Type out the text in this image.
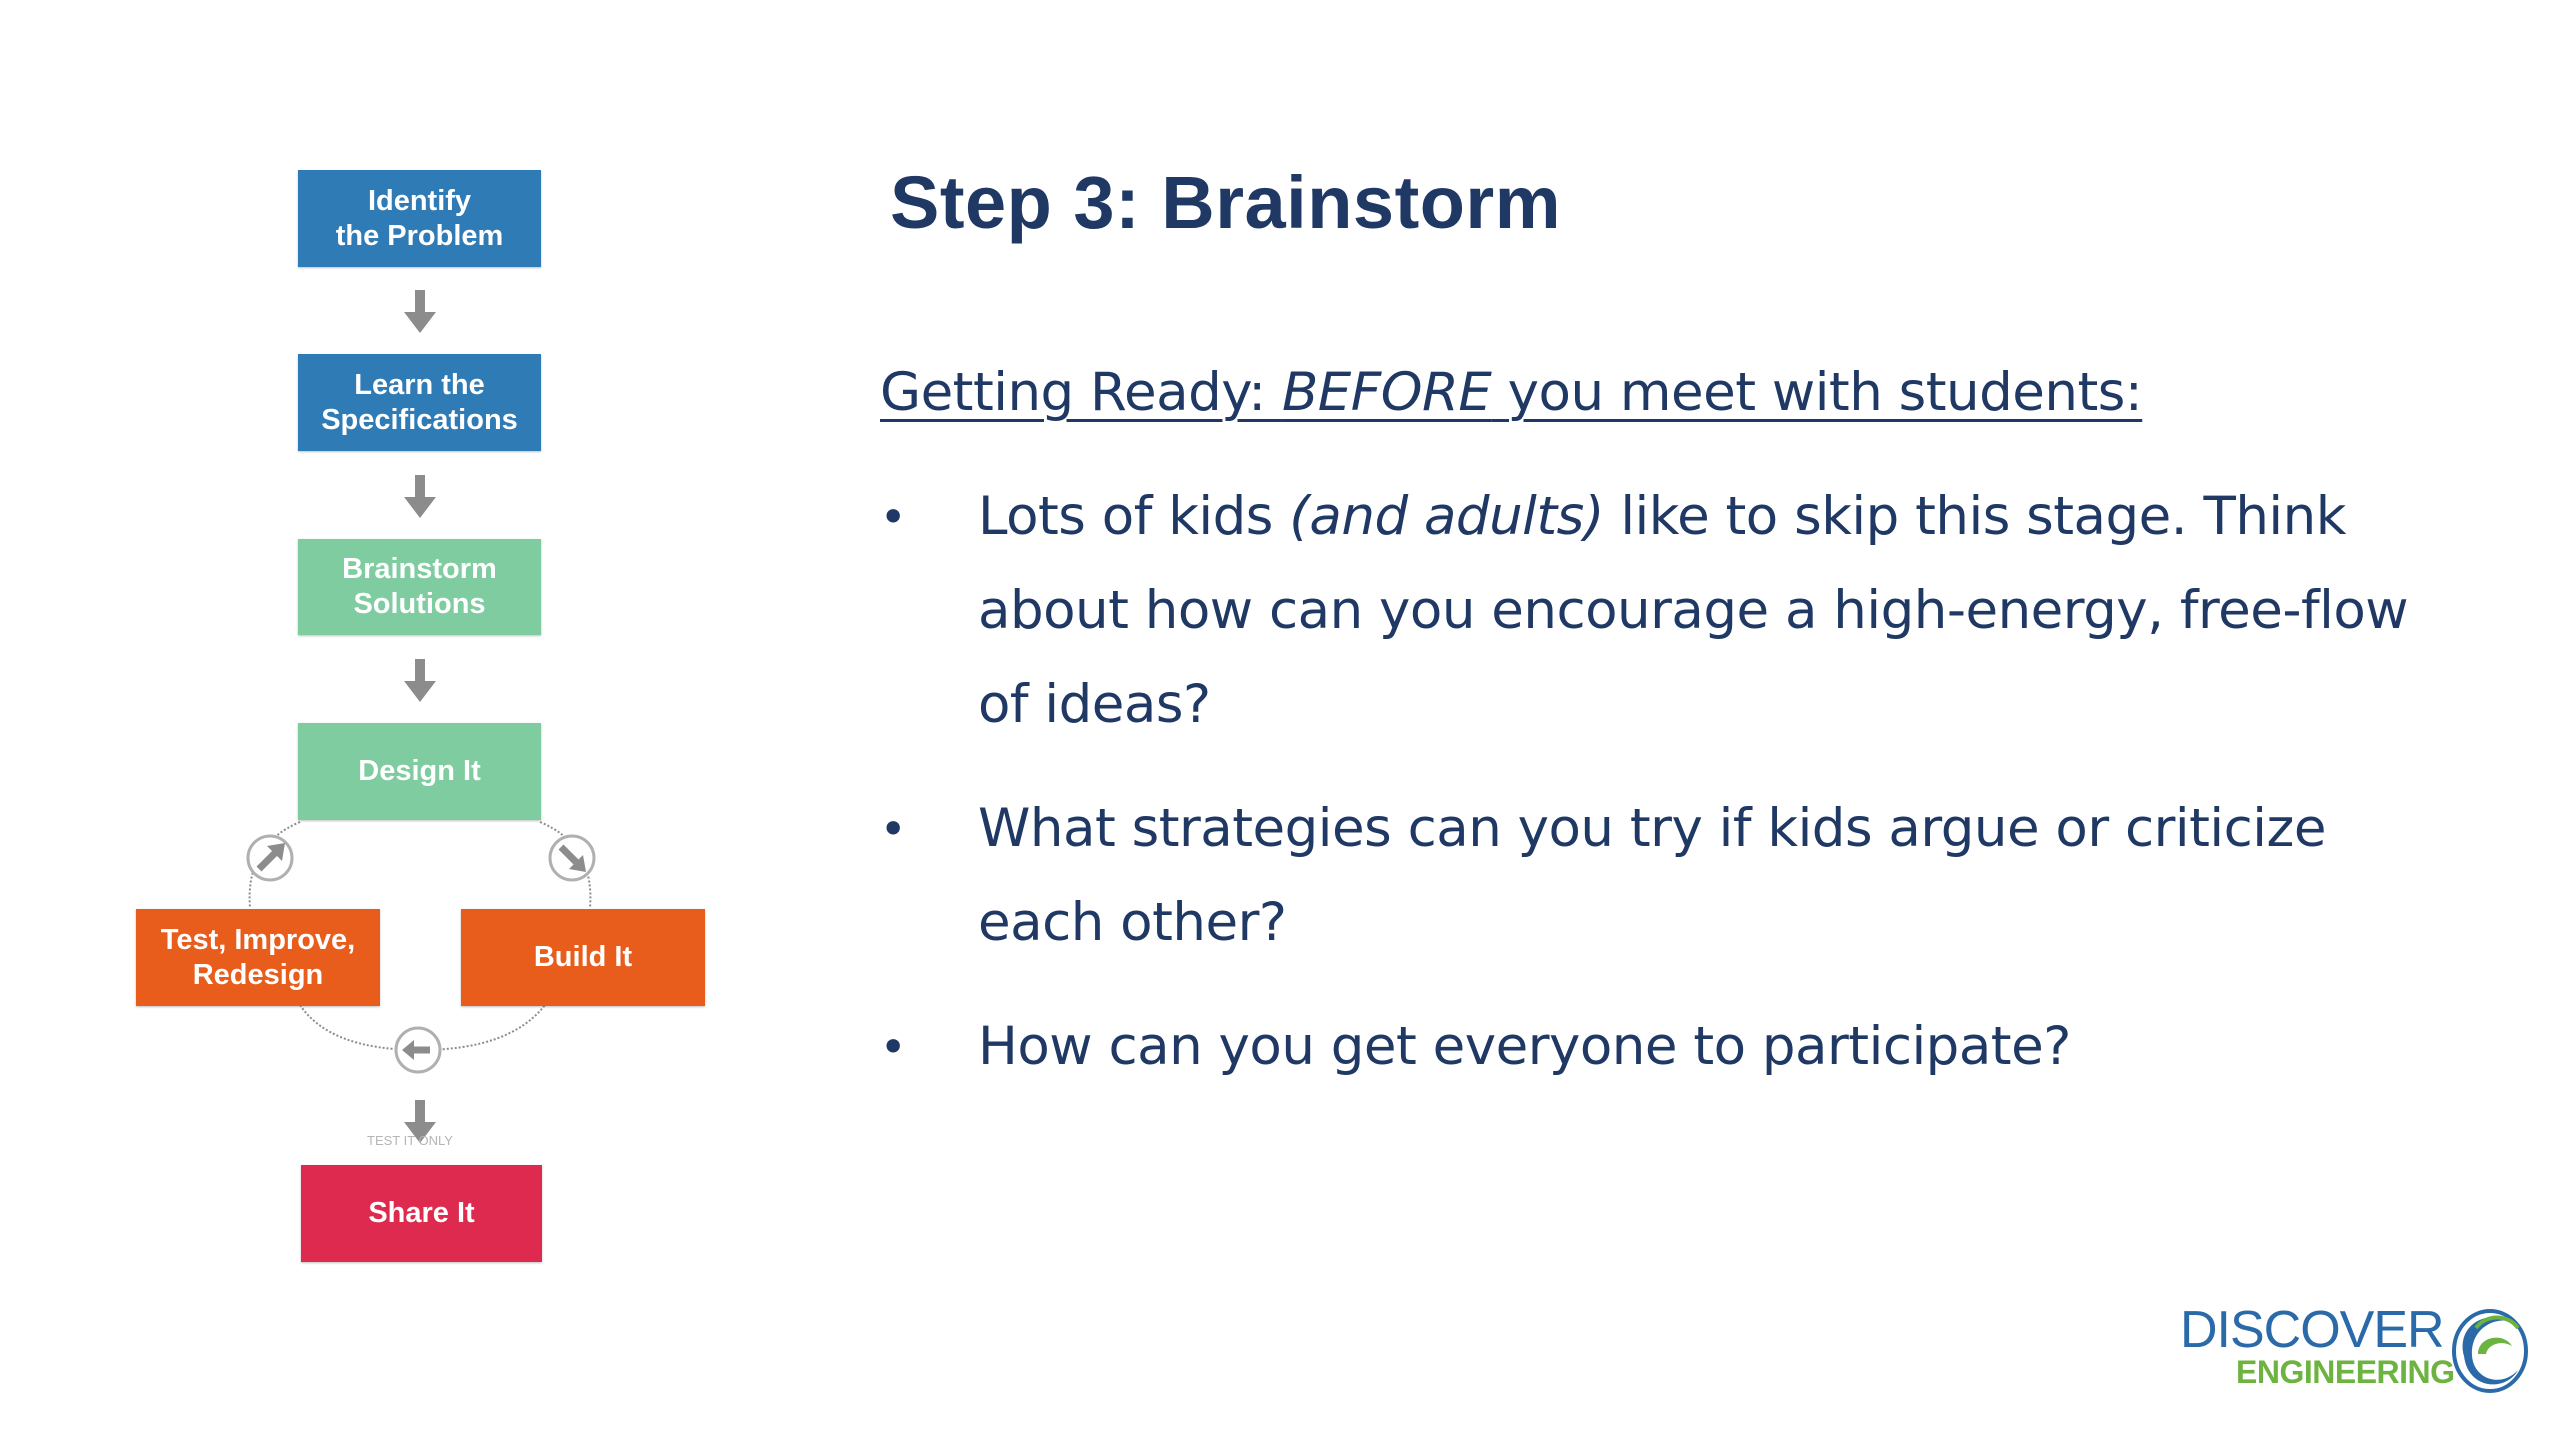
TEST IT ONLY
Identify
the Problem
Learn the
Specifications
Brainstorm
Solutions
Design It
Test, Improve,
Redesign
Build It
Share It
Step 3: Brainstorm
Getting Ready: BEFORE you meet with students:
• Lots of kids (and adults) like to skip this stage. Think about how can you encourage a high-energy, free-flow of ideas?
• What strategies can you try if kids argue or criticize each other?
• How can you get everyone to participate?
DISCOVER
ENGINEERING
